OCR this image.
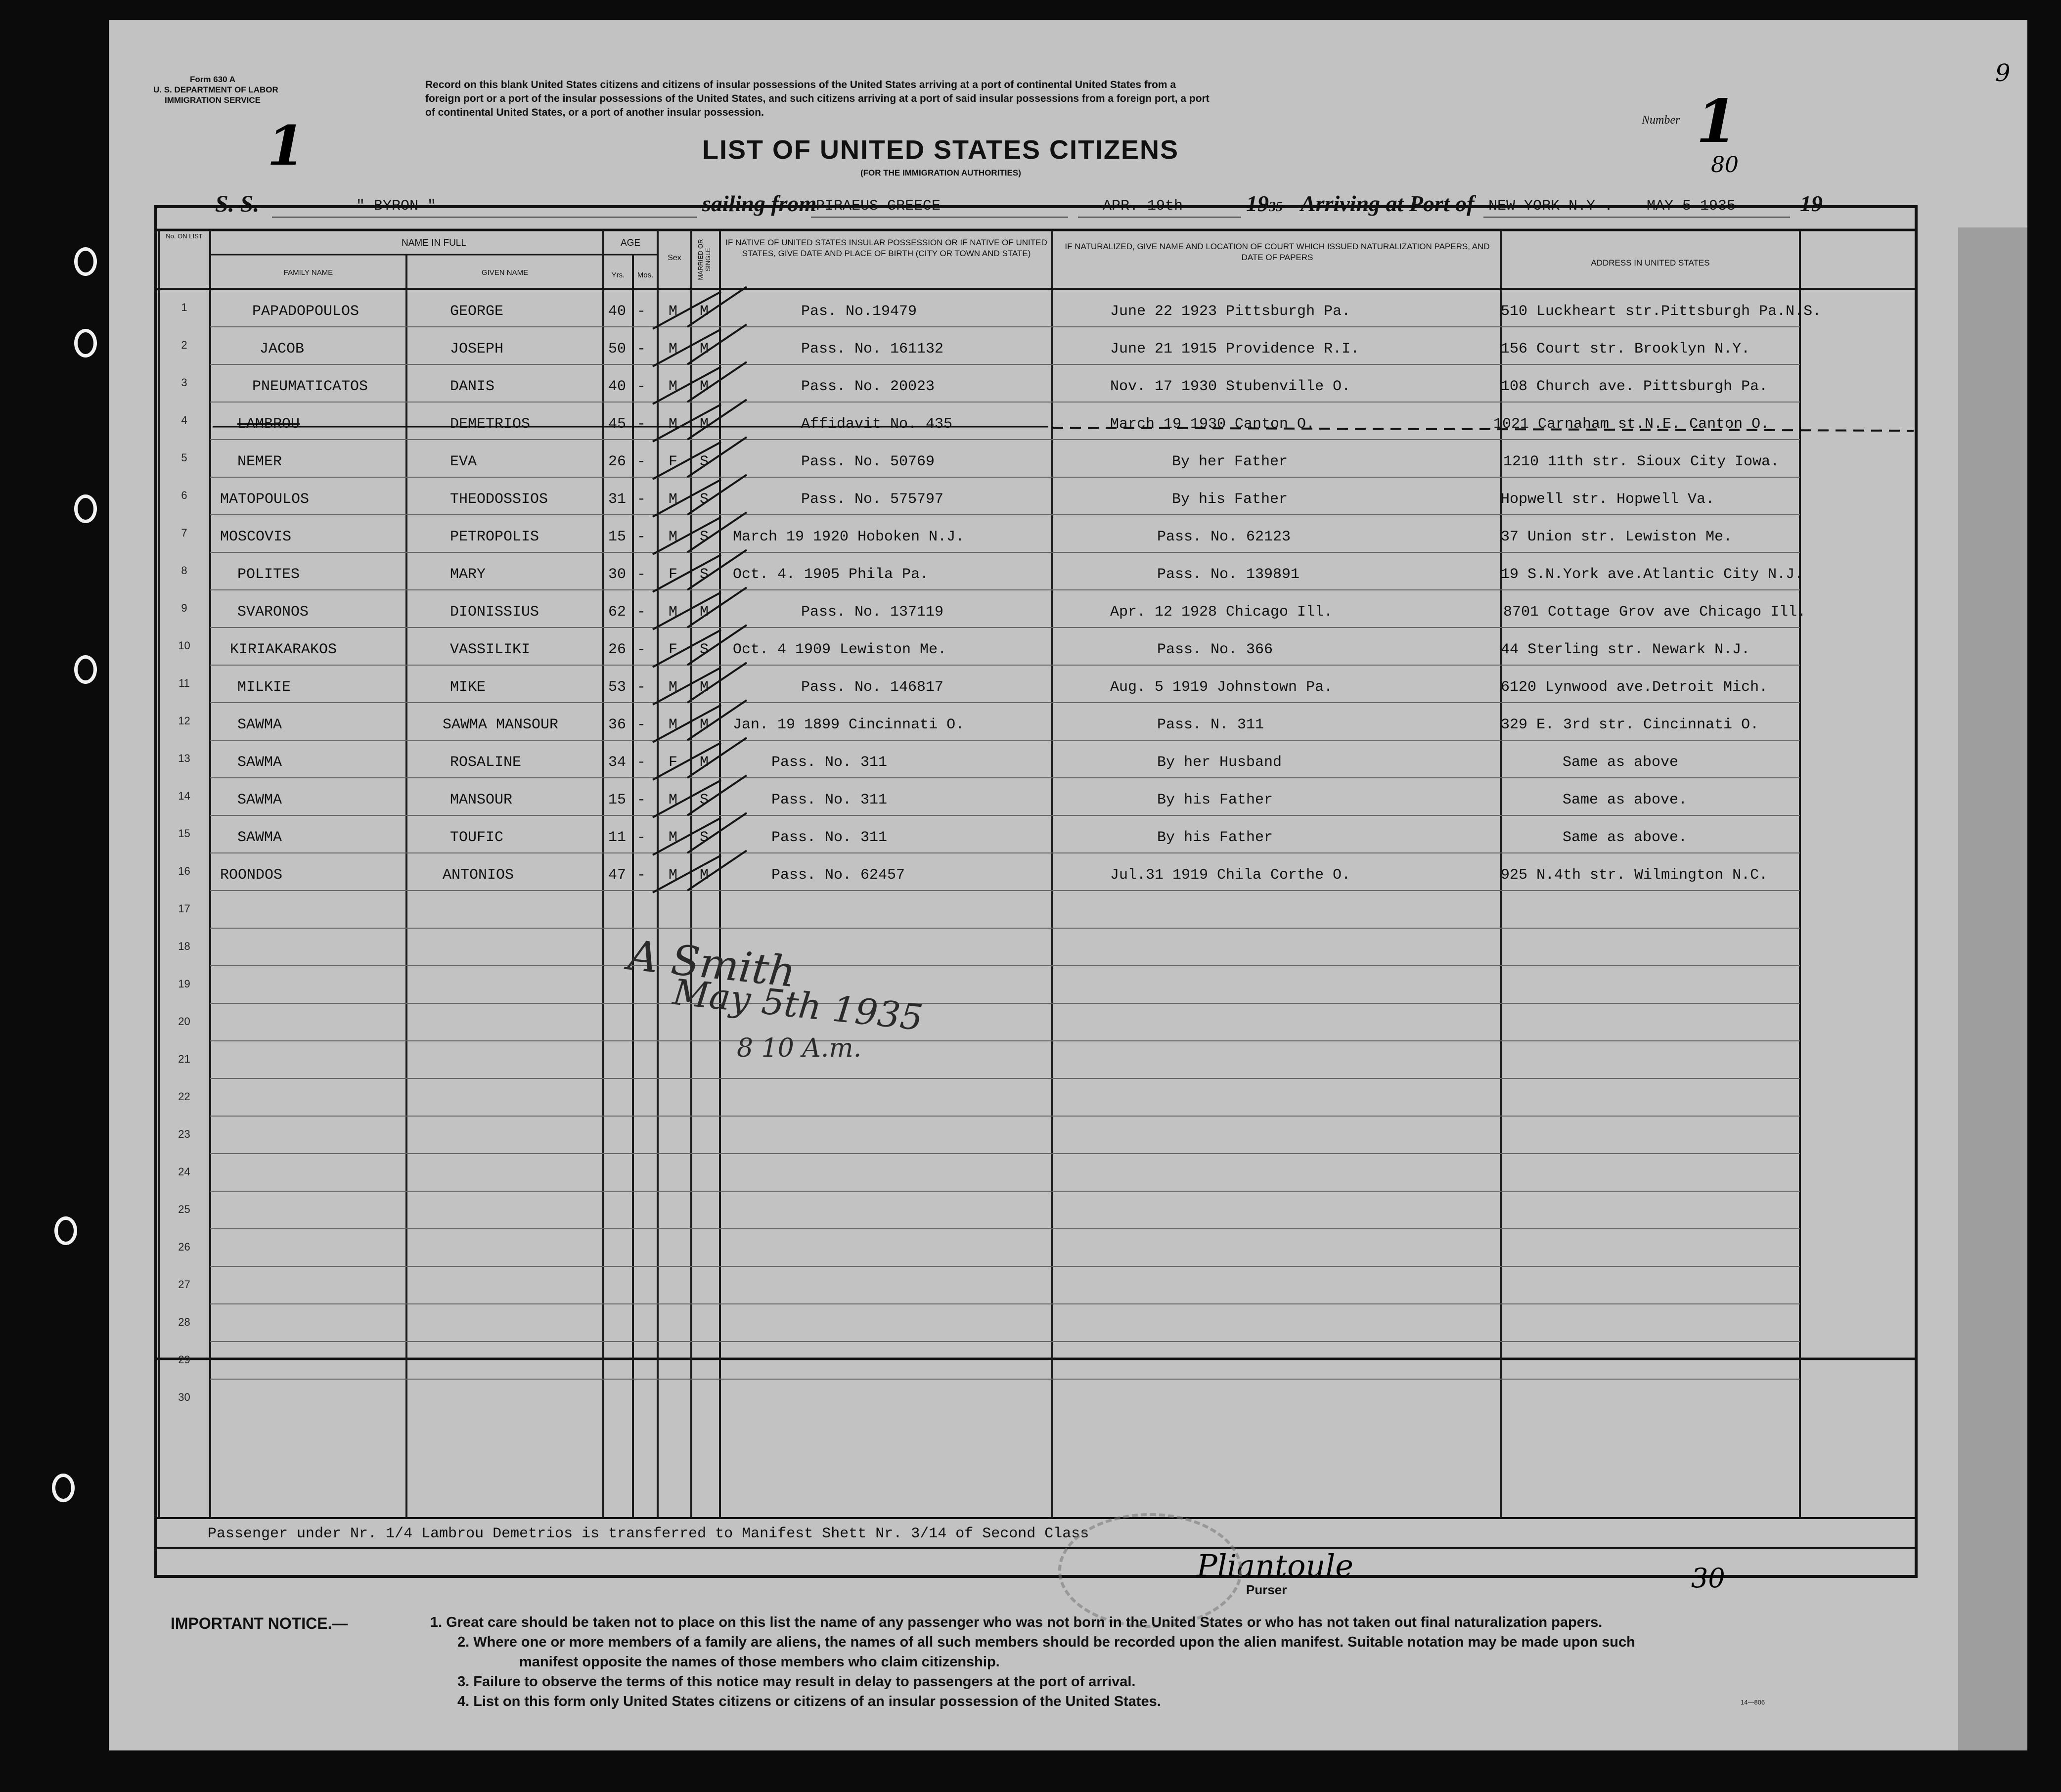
Form 630 A
U. S. DEPARTMENT OF LABOR
IMMIGRATION SERVICE
1
Record on this blank United States citizens and citizens of insular possessions of the United States arriving at a port of continental United States from a
foreign port or a port of the insular possessions of the United States, and such citizens arriving at a port of said insular possessions from a foreign port, a port
of continental United States, or a port of another insular possession.
LIST OF UNITED STATES CITIZENS
(FOR THE IMMIGRATION AUTHORITIES)
Number 1
80
9
S. S.	" BYRON "	sailing from
PIRAEUS GREECE	APR. 19th	1935 Arriving at Port of NEW YORK N.Y . MAY 5 1935	19
No. ON LIST
NAME IN FULL
FAMILY NAME	GIVEN NAME
AGE
Yrs.	Mos.
Sex	MARRIED OR SINGLE
IF NATIVE OF UNITED STATES INSULAR POSSESSION OR IF NATIVE OF UNITED STATES, GIVE DATE AND PLACE OF BIRTH (CITY OR TOWN AND STATE)
IF NATURALIZED, GIVE NAME AND LOCATION OF COURT WHICH ISSUED NATURALIZATION PAPERS, AND DATE OF PAPERS
ADDRESS IN UNITED STATES
1	PAPADOPOULOS	GEORGE	40 - M M	Pas. No.19479	June 22 1923 Pittsburgh Pa.	510 Luckheart str.Pittsburgh Pa.N.S.
2	JACOB	JOSEPH	50 - M M	Pass. No. 161132	June 21 1915 Providence R.I.	156 Court str. Brooklyn N.Y.
3	PNEUMATICATOS	DANIS	40 - M M	Pass. No. 20023	Nov. 17 1930 Stubenville O.	108 Church ave. Pittsburgh Pa.
4	LAMBROU	DEMETRIOS	45 - M M	Affidavit No. 435	March 19 1930 Canton O.	1021 Carnaham st.N.E. Canton O.
5	NEMER	EVA	26 - F S	Pass. No. 50769	By her Father	1210 11th str. Sioux City Iowa.
6	MATOPOULOS	THEODOSSIOS	31 - M S	Pass. No. 575797	By his Father	Hopwell str. Hopwell Va.
7	MOSCOVIS	PETROPOLIS	15 - M S March 19 1920 Hoboken N.J.	Pass. No. 62123	37 Union str. Lewiston Me.
8	POLITES	MARY	30 - F S Oct. 4. 1905 Phila Pa.	Pass. No. 139891	19 S.N.York ave.Atlantic City N.J.
9	SVARONOS	DIONISSIUS	62 - M M	Pass. No. 137119	Apr. 12 1928 Chicago Ill.	8701 Cottage Grov ave Chicago Ill.
10	KIRIAKARAKOS	VASSILIKI	26 - F S Oct. 4 1909 Lewiston Me.	Pass. No. 366	44 Sterling str. Newark N.J.
11	MILKIE	MIKE	53 - M M	Pass. No. 146817	Aug. 5 1919 Johnstown Pa.	6120 Lynwood ave.Detroit Mich.
12	SAWMA	SAWMA MANSOUR	36 - M M Jan. 19 1899 Cincinnati O.	Pass. N. 311	329 E. 3rd str. Cincinnati O.
13	SAWMA	ROSALINE	34 - F M	Pass. No. 311	By her Husband	Same as above
14	SAWMA	MANSOUR	15 - M S	Pass. No. 311	By his Father	Same as above.
15	SAWMA	TOUFIC	11 - M S	Pass. No. 311	By his Father	Same as above.
16	ROONDOS	ANTONIOS	47 - M M	Pass. No. 62457	Jul.31 1919 Chila Corthe O.	925 N.4th str. Wilmington N.C.
17
18
19
20
21
22
23
24
25
26
27
28
29
30
A Smith
May 5th 1935
8 10 A.m.
Passenger under Nr. 1/4 Lambrou Demetrios is transferred to Manifest Shett Nr. 3/14 of Second Class
Pliantoule
Purser	30
IMPORTANT NOTICE.—	1. Great care should be taken not to place on this list the name of any passenger who was not born in the United States or who has not taken out final naturalization papers.
2. Where one or more members of a family are aliens, the names of all such members should be recorded upon the alien manifest. Suitable notation may be made upon such
manifest opposite the names of those members who claim citizenship.
3. Failure to observe the terms of this notice may result in delay to passengers at the port of arrival.
4. List on this form only United States citizens or citizens of an insular possession of the United States.	14—806
